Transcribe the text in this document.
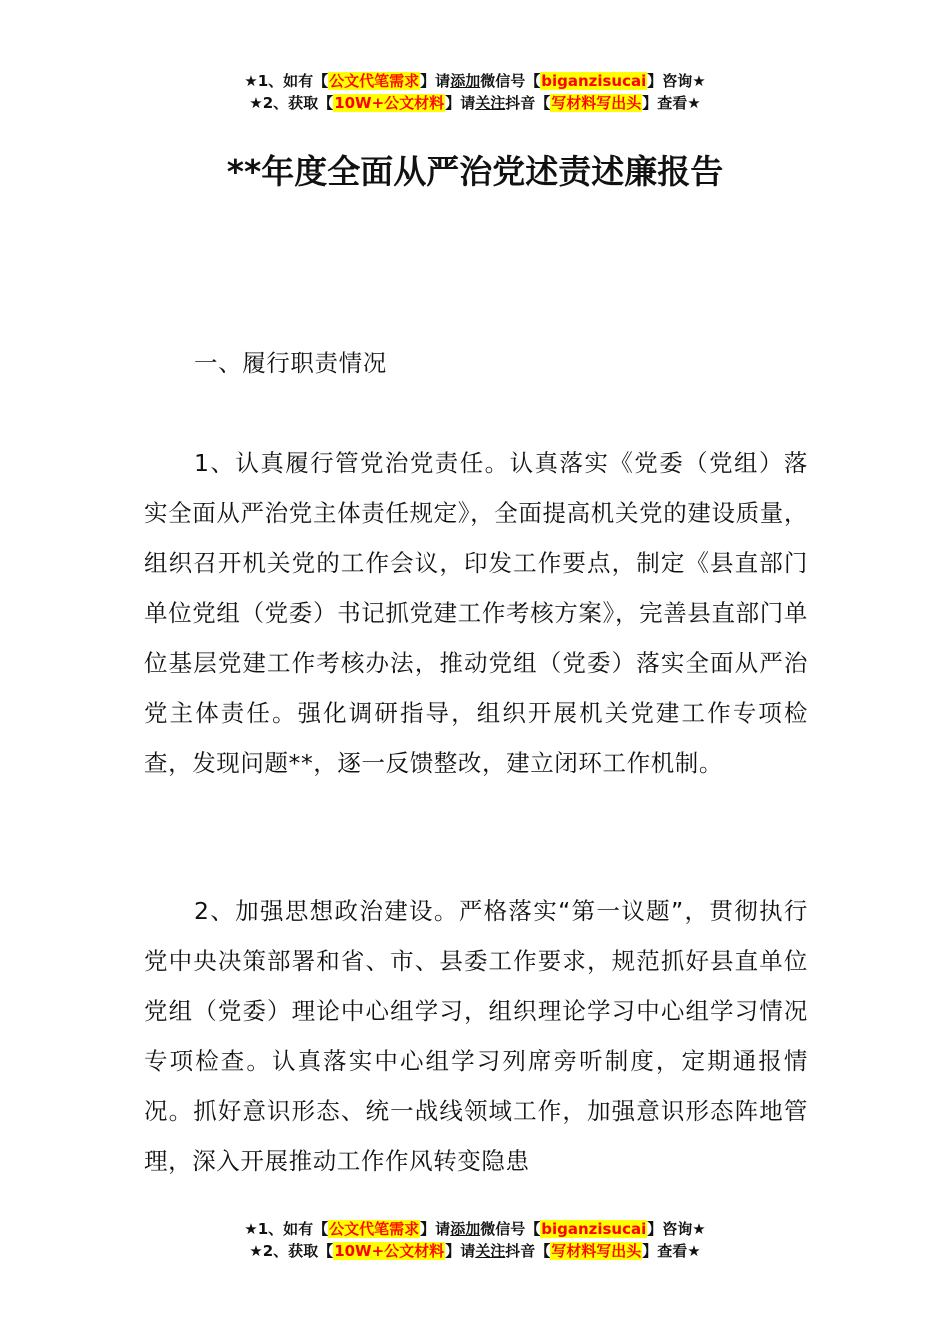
★1、如有【公文代笔需求】请添加微信号【biganzisucai】咨询★
★2、获取【10W+公文材料】请关注抖音【写材料写出头】查看★
**年度全面从严治党述责述廉报告
一、履行职责情况

1、认真履行管党治党责任。认真落实《党委（党组）落实全面从严治党主体责任规定》，全面提高机关党的建设质量，组织召开机关党的工作会议，印发工作要点，制定《县直部门单位党组（党委）书记抓党建工作考核方案》，完善县直部门单位基层党建工作考核办法，推动党组（党委）落实全面从严治党主体责任。强化调研指导，组织开展机关党建工作专项检查，发现问题**，逐一反馈整改，建立闭环工作机制。

2、加强思想政治建设。严格落实“第一议题”，贯彻执行党中央决策部署和省、市、县委工作要求，规范抓好县直单位党组（党委）理论中心组学习，组织理论学习中心组学习情况专项检查。认真落实中心组学习列席旁听制度，定期通报情况。抓好意识形态、统一战线领域工作，加强意识形态阵地管理，深入开展推动工作作风转变隐患

★1、如有【公文代笔需求】请添加微信号【biganzisucai】咨询★
★2、获取【10W+公文材料】请关注抖音【写材料写出头】查看★
